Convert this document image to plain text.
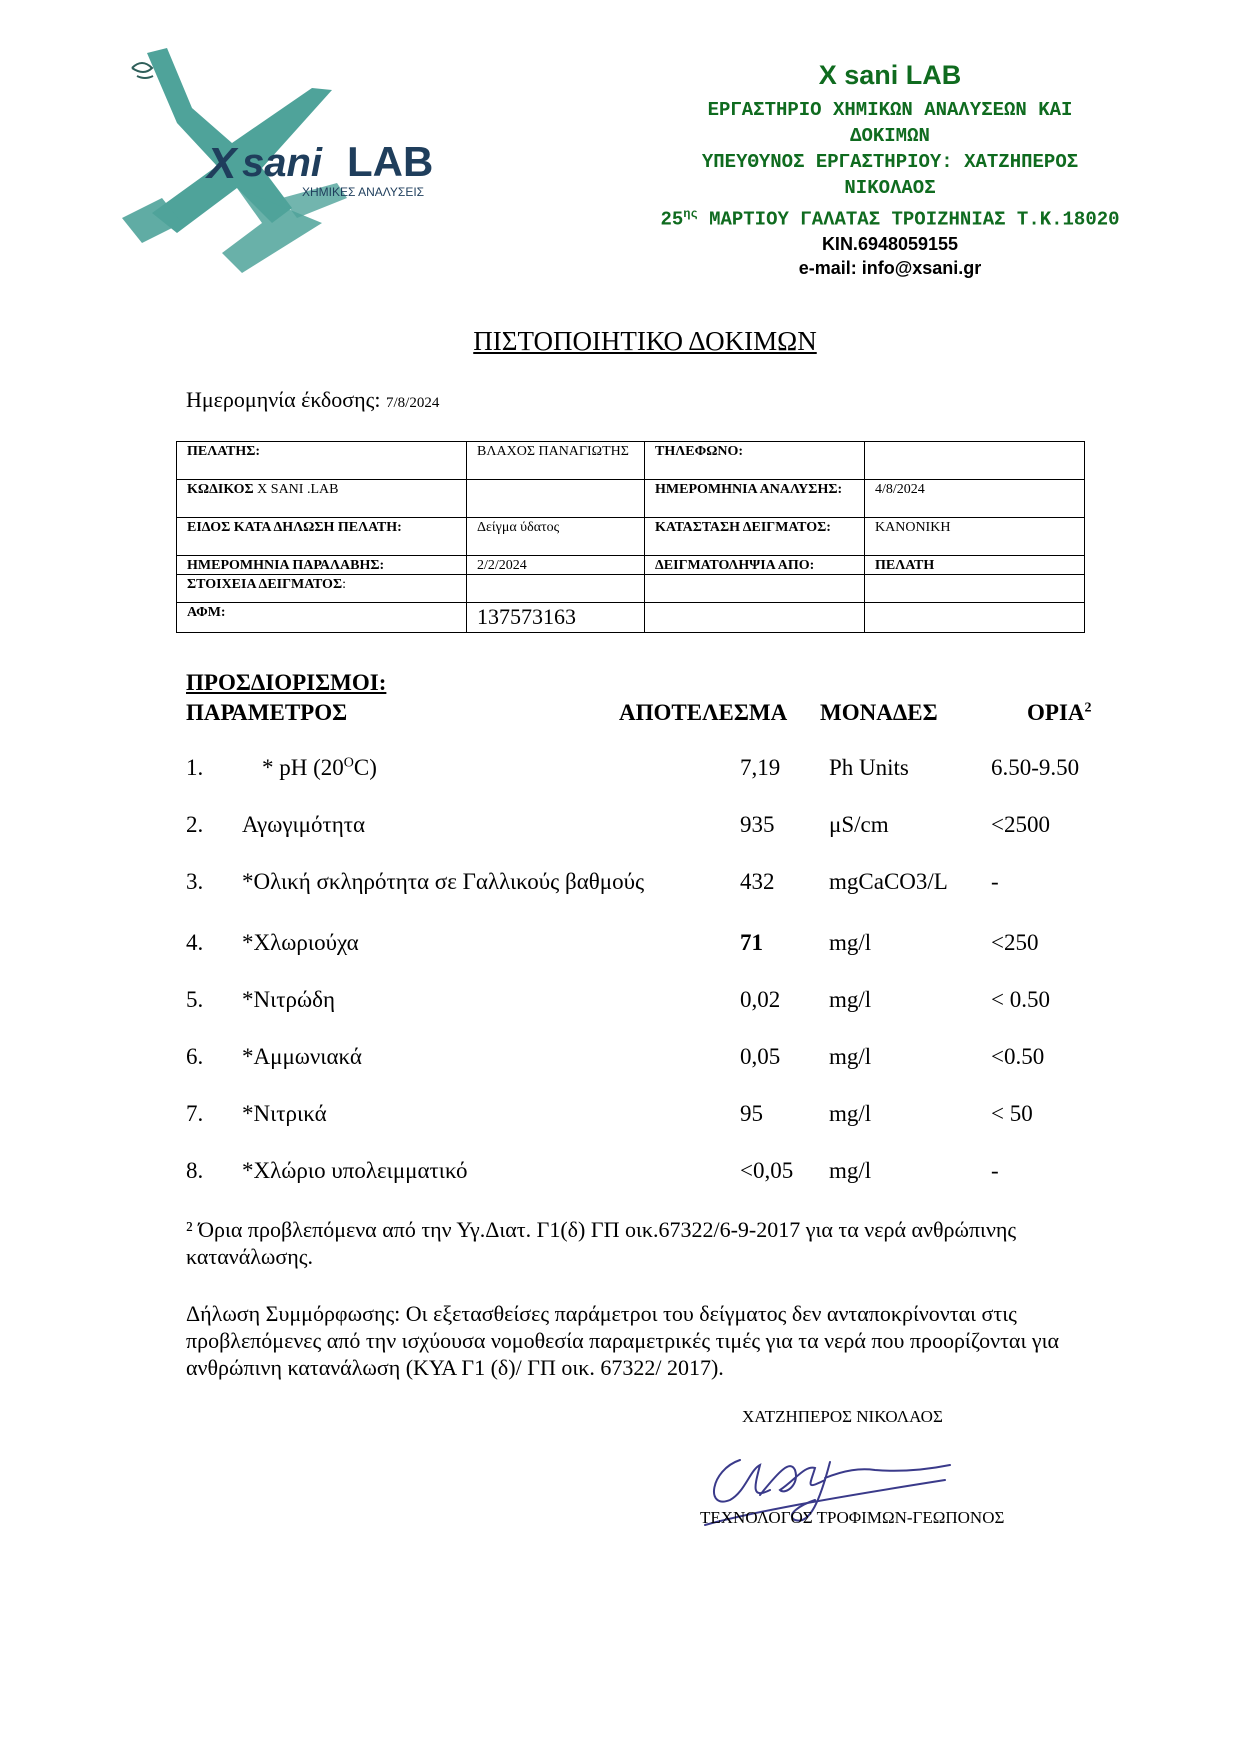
X sani LAB
ΧΗΜΙΚΕΣ ΑΝΑΛΥΣΕΙΣ
X sani LAB
ΕΡΓΑΣΤΗΡΙΟ ΧΗΜΙΚΩΝ ΑΝΑΛΥΣΕΩΝ ΚΑΙ
ΔΟΚΙΜΩΝ
ΥΠΕΥΘΥΝΟΣ ΕΡΓΑΣΤΗΡΙΟΥ: ΧΑΤΖΗΠΕΡΟΣ
ΝΙΚΟΛΑΟΣ
$25^{\eta\varsigma}$ ΜΑΡΤΙΟΥ ΓΑΛΑΤΑΣ ΤΡΟΙΖΗΝΙΑΣ Τ.Κ.18020
ΚΙΝ.6948059155
e-mail: info@xsani.gr
ΠΙΣΤΟΠΟΙΗΤΙΚΟ ΔΟΚΙΜΩΝ
Ημερομηνία έκδοσης: 7/8/2024
ΠΕΛΑΤΗΣ:	ΒΛΑΧΟΣ ΠΑΝΑΓΙΩΤΗΣ	ΤΗΛΕΦΩΝΟ:	
ΚΩΔΙΚΟΣ X SANI .LAB		ΗΜΕΡΟΜΗΝΙΑ ΑΝΑΛΥΣΗΣ:	4/8/2024
ΕΙΔΟΣ ΚΑΤΑ ΔΗΛΩΣΗ ΠΕΛΑΤΗ:	Δείγμα ύδατος	ΚΑΤΑΣΤΑΣΗ ΔΕΙΓΜΑΤΟΣ:	ΚΑΝΟΝΙΚΗ
ΗΜΕΡΟΜΗΝΙΑ ΠΑΡΑΛΑΒΗΣ:	2/2/2024	ΔΕΙΓΜΑΤΟΛΗΨΙΑ ΑΠΟ:	ΠΕΛΑΤΗ
ΣΤΟΙΧΕΙΑ ΔΕΙΓΜΑΤΟΣ:			
ΑΦΜ:	137573163		
ΠΡΟΣΔΙΟΡΙΣΜΟΙ:
ΠΑΡΑΜΕΤΡΟΣ	ΑΠΟΤΕΛΕΣΜΑ ΜΟΝΑΔΕΣ	ΟΡΙΑ$^2$
1.	* pH $(20^OC)$	7,19 Ph Units	6.50-9.50
2. Αγωγιμότητα	935 μS/cm	<2500
3. *Ολική σκληρότητα σε Γαλλικούς βαθμούς	432 mgCaCO3/L -
4. *Χλωριούχα	71	mg/l	<250
5. *Νιτρώδη	0,02 mg/l	< 0.50
6. *Αμμωνιακά	0,05 mg/l	<0.50
7. *Νιτρικά	95	mg/l	< 50
8. *Χλώριο υπολειμματικό	<0,05 mg/l	-
² Όρια προβλεπόμενα από την Υγ.Διατ. Γ1(δ) ΓΠ οικ.67322/6-9-2017 για τα νερά ανθρώπινης κατανάλωσης.
Δήλωση Συμμόρφωσης: Οι εξετασθείσες παράμετροι του δείγματος δεν ανταποκρίνονται στις προβλεπόμενες από την ισχύουσα νομοθεσία παραμετρικές τιμές για τα νερά που προορίζονται για ανθρώπινη κατανάλωση (ΚΥΑ Γ1 (δ)/ ΓΠ οικ. 67322/ 2017).
ΧΑΤΖΗΠΕΡΟΣ ΝΙΚΟΛΑΟΣ
ΤΕΧΝΟΛΟΓΟΣ ΤΡΟΦΙΜΩΝ-ΓΕΩΠΟΝΟΣ
